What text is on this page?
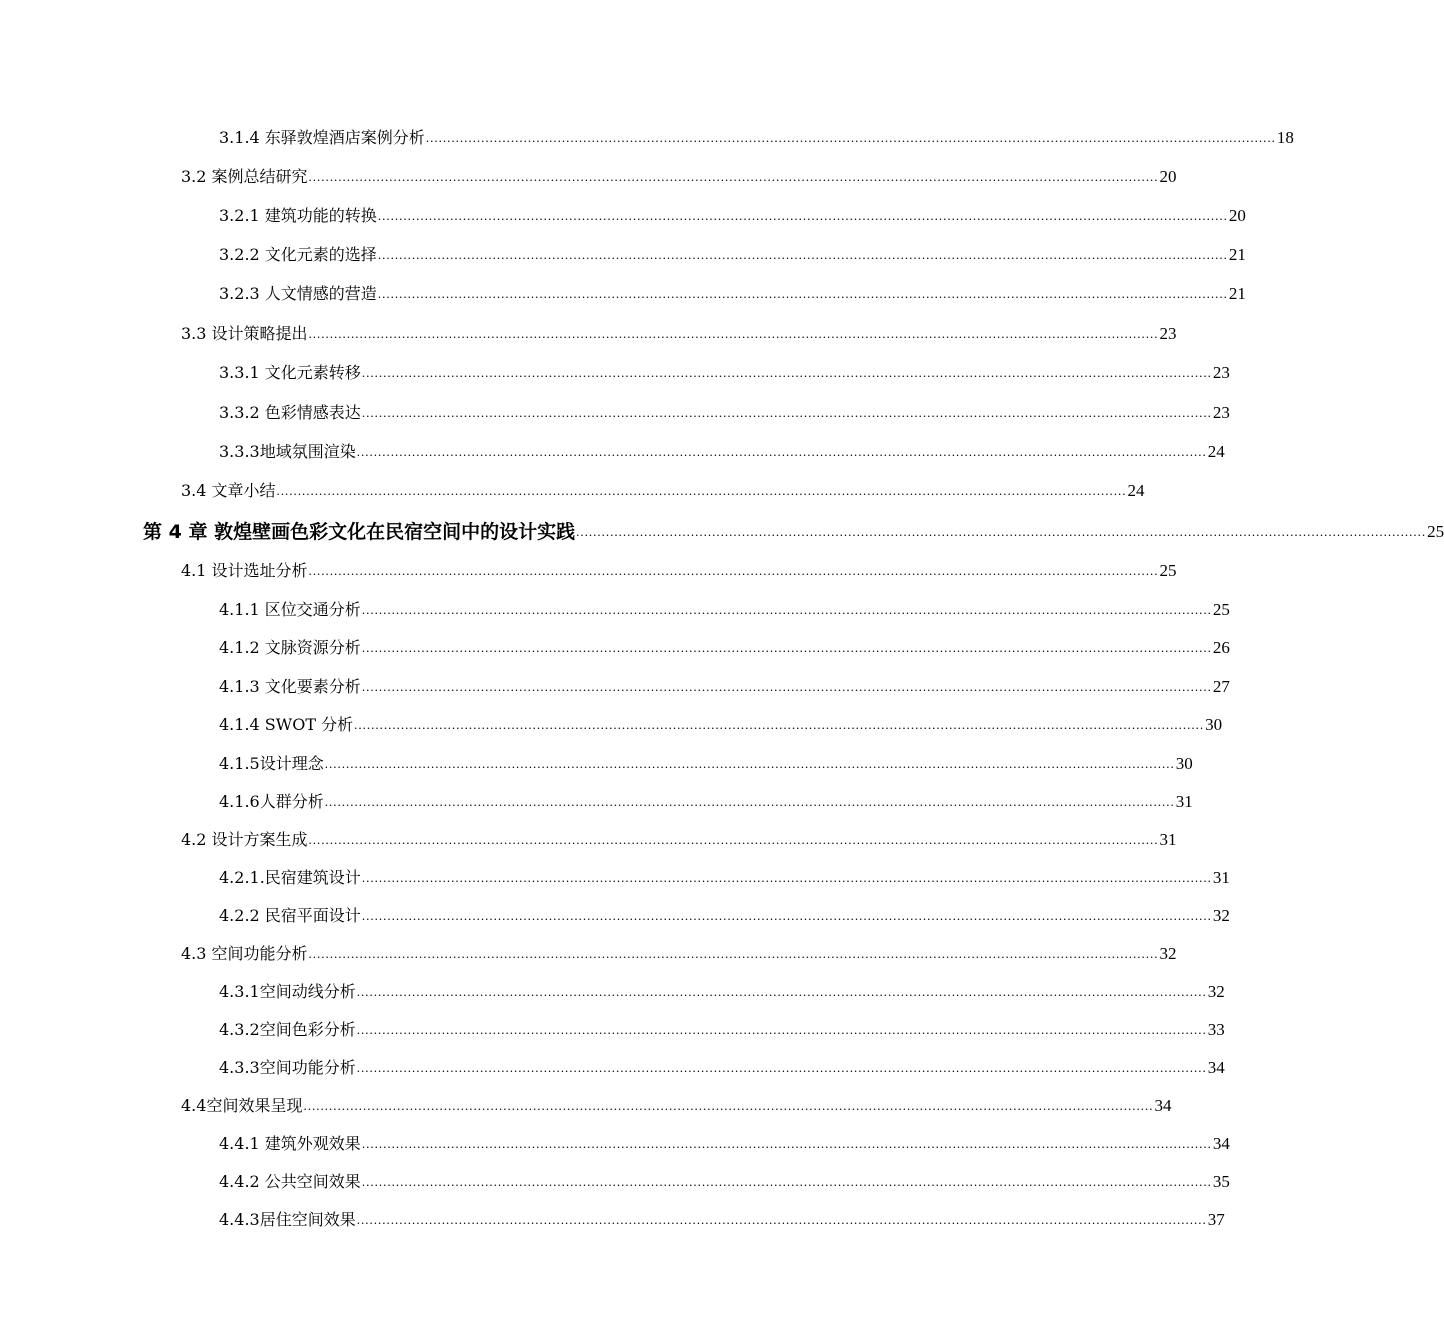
3.1.4 东驿敦煌酒店案例分析 ........................................................................................................................................................................................................ 18
3.2 案例总结研究 ........................................................................................................................................................................................................ 20
3.2.1 建筑功能的转换 ........................................................................................................................................................................................................ 20
3.2.2 文化元素的选择 ........................................................................................................................................................................................................ 21
3.2.3 人文情感的营造 ........................................................................................................................................................................................................ 21
3.3 设计策略提出 ........................................................................................................................................................................................................ 23
3.3.1 文化元素转移 ........................................................................................................................................................................................................ 23
3.3.2 色彩情感表达 ........................................................................................................................................................................................................ 23
3.3.3地域氛围渲染 ........................................................................................................................................................................................................ 24
3.4 文章小结 ........................................................................................................................................................................................................ 24
第 4 章 敦煌壁画色彩文化在民宿空间中的设计实践 ........................................................................................................................................................................................................ 25
4.1 设计选址分析 ........................................................................................................................................................................................................ 25
4.1.1 区位交通分析 ........................................................................................................................................................................................................ 25
4.1.2 文脉资源分析 ........................................................................................................................................................................................................ 26
4.1.3 文化要素分析 ........................................................................................................................................................................................................ 27
4.1.4 SWOT 分析 ........................................................................................................................................................................................................ 30
4.1.5设计理念 ........................................................................................................................................................................................................ 30
4.1.6人群分析 ........................................................................................................................................................................................................ 31
4.2 设计方案生成 ........................................................................................................................................................................................................ 31
4.2.1.民宿建筑设计 ........................................................................................................................................................................................................ 31
4.2.2 民宿平面设计 ........................................................................................................................................................................................................ 32
4.3 空间功能分析 ........................................................................................................................................................................................................ 32
4.3.1空间动线分析 ........................................................................................................................................................................................................ 32
4.3.2空间色彩分析 ........................................................................................................................................................................................................ 33
4.3.3空间功能分析 ........................................................................................................................................................................................................ 34
4.4空间效果呈现 ........................................................................................................................................................................................................ 34
4.4.1 建筑外观效果 ........................................................................................................................................................................................................ 34
4.4.2 公共空间效果 ........................................................................................................................................................................................................ 35
4.4.3居住空间效果 ........................................................................................................................................................................................................ 37
